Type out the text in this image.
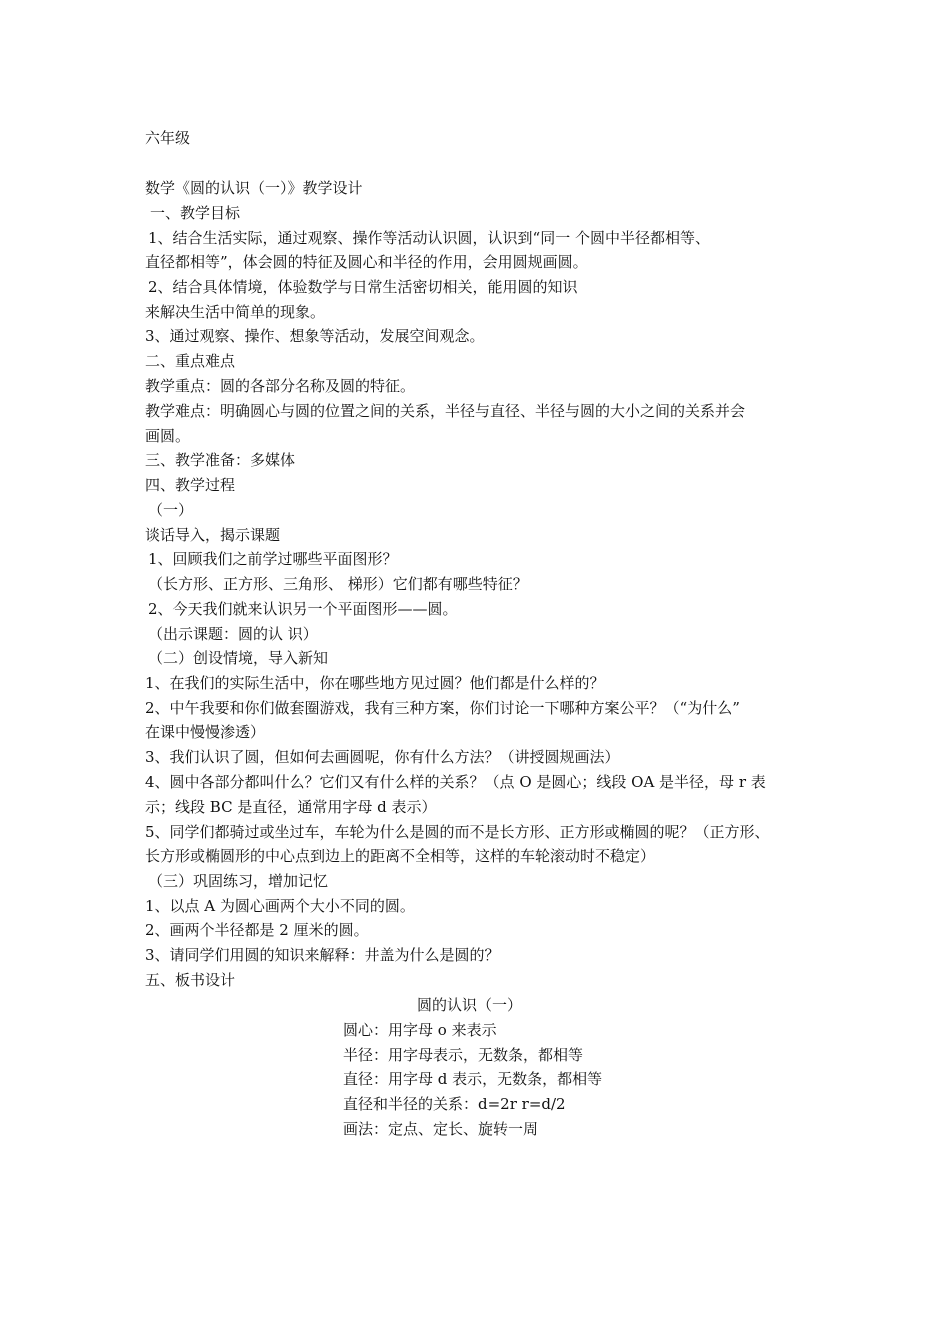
六年级
数学《圆的认识（一）》教学设计
一、教学目标
1、结合生活实际，通过观察、操作等活动认识圆，认识到“同一 个圆中半径都相等、
直径都相等”，体会圆的特征及圆心和半径的作用，会用圆规画圆。
2、结合具体情境，体验数学与日常生活密切相关，能用圆的知识
来解决生活中简单的现象。
3、通过观察、操作、想象等活动，发展空间观念。
二、重点难点
教学重点：圆的各部分名称及圆的特征。
教学难点：明确圆心与圆的位置之间的关系，半径与直径、半径与圆的大小之间的关系并会
画圆。
三、教学准备：多媒体
四、教学过程
（一）
谈话导入，揭示课题
1、回顾我们之前学过哪些平面图形？
（长方形、正方形、三角形、 梯形）它们都有哪些特征？
2、今天我们就来认识另一个平面图形——圆。
（出示课题：圆的认 识）
（二）创设情境，导入新知
1、在我们的实际生活中，你在哪些地方见过圆？他们都是什么样的？
2、中午我要和你们做套圈游戏，我有三种方案，你们讨论一下哪种方案公平？（“为什么”
在课中慢慢渗透）
3、我们认识了圆，但如何去画圆呢，你有什么方法？（讲授圆规画法）
4、圆中各部分都叫什么？它们又有什么样的关系？（点 O 是圆心；线段 OA 是半径，母 r 表
示；线段 BC 是直径，通常用字母 d 表示）
5、同学们都骑过或坐过车，车轮为什么是圆的而不是长方形、正方形或椭圆的呢？（正方形、
长方形或椭圆形的中心点到边上的距离不全相等，这样的车轮滚动时不稳定）
（三）巩固练习，增加记忆
1、以点 A 为圆心画两个大小不同的圆。
2、画两个半径都是 2 厘米的圆。
3、请同学们用圆的知识来解释：井盖为什么是圆的？
五、板书设计
圆的认识（一）
圆心：用字母 o 来表示
半径：用字母表示，无数条，都相等
直径：用字母 d 表示，无数条，都相等
直径和半径的关系：d=2r r=d/2
画法：定点、定长、旋转一周
